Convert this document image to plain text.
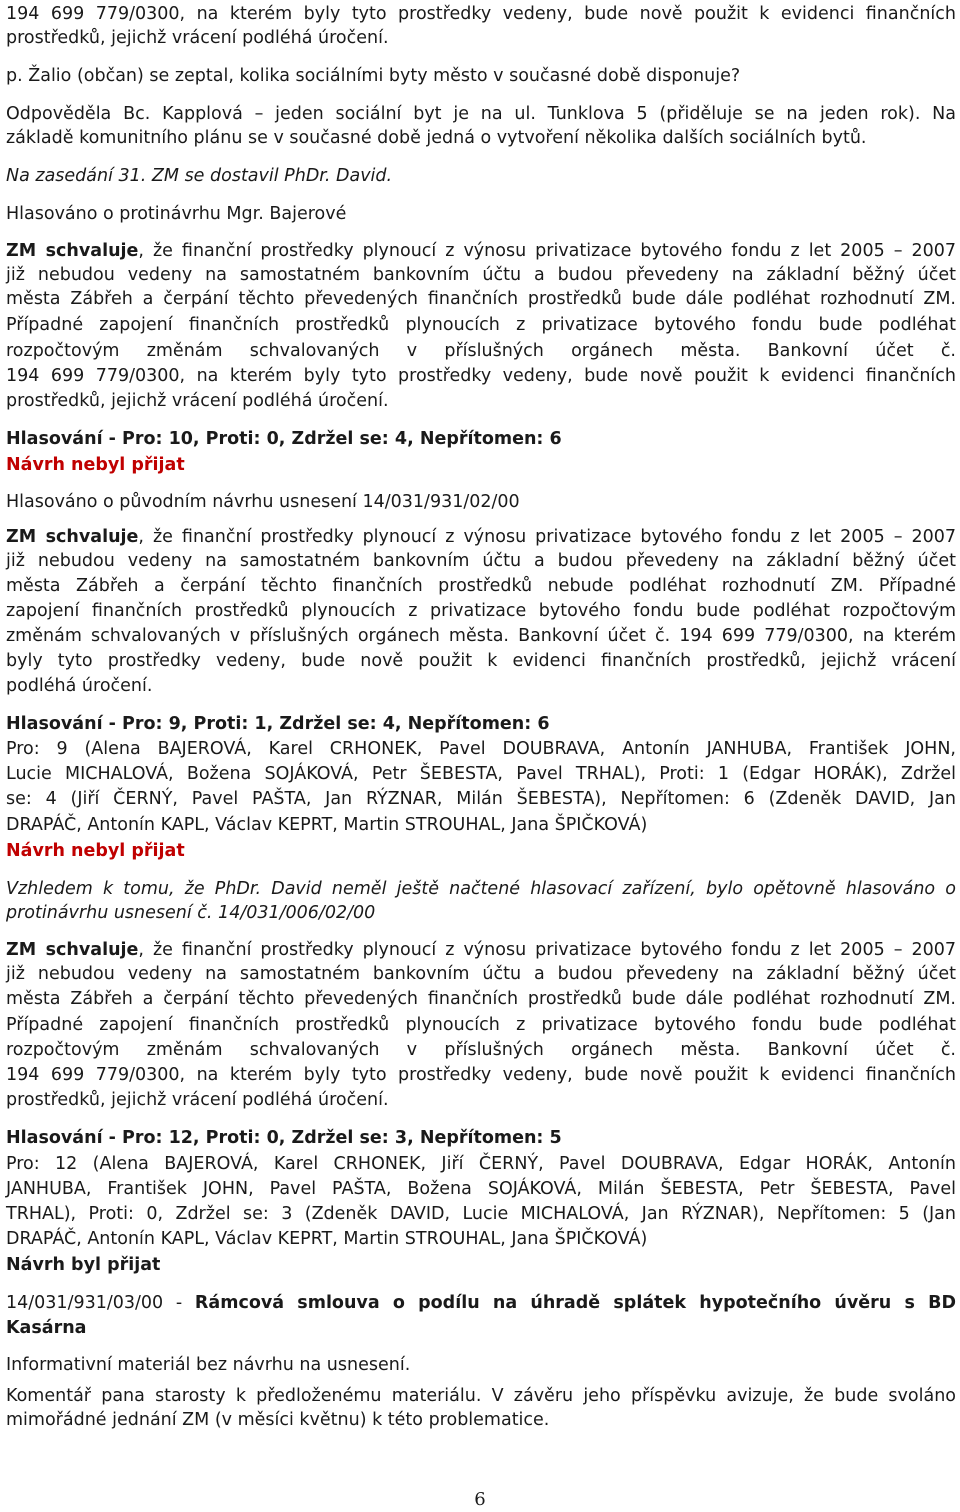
194 699 779/0300, na kterém byly tyto prostředky vedeny, bude nově použit k evidenci finančních
prostředků, jejichž vrácení podléhá úročení.
p. Žalio (občan) se zeptal, kolika sociálními byty město v současné době disponuje?
Odpověděla Bc. Kapplová – jeden sociální byt je na ul. Tunklova 5 (přiděluje se na jeden rok). Na
základě komunitního plánu se v současné době jedná o vytvoření několika dalších sociálních bytů.
Na zasedání 31. ZM se dostavil PhDr. David.
Hlasováno o protinávrhu Mgr. Bajerové
ZM schvaluje, že finanční prostředky plynoucí z výnosu privatizace bytového fondu z let 2005 – 2007
již nebudou vedeny na samostatném bankovním účtu a budou převedeny na základní běžný účet
města Zábřeh a čerpání těchto převedených finančních prostředků bude dále podléhat rozhodnutí ZM.
Případné zapojení finančních prostředků plynoucích z privatizace bytového fondu bude podléhat
rozpočtovým změnám schvalovaných v příslušných orgánech města. Bankovní účet č.
194 699 779/0300, na kterém byly tyto prostředky vedeny, bude nově použit k evidenci finančních
prostředků, jejichž vrácení podléhá úročení.
Hlasování - Pro: 10, Proti: 0, Zdržel se: 4, Nepřítomen: 6
Návrh nebyl přijat
Hlasováno o původním návrhu usnesení 14/031/931/02/00
ZM schvaluje, že finanční prostředky plynoucí z výnosu privatizace bytového fondu z let 2005 – 2007
již nebudou vedeny na samostatném bankovním účtu a budou převedeny na základní běžný účet
města Zábřeh a čerpání těchto finančních prostředků nebude podléhat rozhodnutí ZM. Případné
zapojení finančních prostředků plynoucích z privatizace bytového fondu bude podléhat rozpočtovým
změnám schvalovaných v příslušných orgánech města. Bankovní účet č. 194 699 779/0300, na kterém
byly tyto prostředky vedeny, bude nově použit k evidenci finančních prostředků, jejichž vrácení
podléhá úročení.
Hlasování - Pro: 9, Proti: 1, Zdržel se: 4, Nepřítomen: 6
Pro: 9 (Alena BAJEROVÁ, Karel CRHONEK, Pavel DOUBRAVA, Antonín JANHUBA, František JOHN,
Lucie MICHALOVÁ, Božena SOJÁKOVÁ, Petr ŠEBESTA, Pavel TRHAL), Proti: 1 (Edgar HORÁK), Zdržel
se: 4 (Jiří ČERNÝ, Pavel PAŠTA, Jan RÝZNAR, Milán ŠEBESTA), Nepřítomen: 6 (Zdeněk DAVID, Jan
DRAPÁČ, Antonín KAPL, Václav KEPRT, Martin STROUHAL, Jana ŠPIČKOVÁ)
Návrh nebyl přijat
Vzhledem k tomu, že PhDr. David neměl ještě načtené hlasovací zařízení, bylo opětovně hlasováno o
protinávrhu usnesení č. 14/031/006/02/00
ZM schvaluje, že finanční prostředky plynoucí z výnosu privatizace bytového fondu z let 2005 – 2007
již nebudou vedeny na samostatném bankovním účtu a budou převedeny na základní běžný účet
města Zábřeh a čerpání těchto převedených finančních prostředků bude dále podléhat rozhodnutí ZM.
Případné zapojení finančních prostředků plynoucích z privatizace bytového fondu bude podléhat
rozpočtovým změnám schvalovaných v příslušných orgánech města. Bankovní účet č.
194 699 779/0300, na kterém byly tyto prostředky vedeny, bude nově použit k evidenci finančních
prostředků, jejichž vrácení podléhá úročení.
Hlasování - Pro: 12, Proti: 0, Zdržel se: 3, Nepřítomen: 5
Pro: 12 (Alena BAJEROVÁ, Karel CRHONEK, Jiří ČERNÝ, Pavel DOUBRAVA, Edgar HORÁK, Antonín
JANHUBA, František JOHN, Pavel PAŠTA, Božena SOJÁKOVÁ, Milán ŠEBESTA, Petr ŠEBESTA, Pavel
TRHAL), Proti: 0, Zdržel se: 3 (Zdeněk DAVID, Lucie MICHALOVÁ, Jan RÝZNAR), Nepřítomen: 5 (Jan
DRAPÁČ, Antonín KAPL, Václav KEPRT, Martin STROUHAL, Jana ŠPIČKOVÁ)
Návrh byl přijat
14/031/931/03/00 - Rámcová smlouva o podílu na úhradě splátek hypotečního úvěru s BD
Kasárna
Informativní materiál bez návrhu na usnesení.
Komentář pana starosty k předloženému materiálu. V závěru jeho příspěvku avizuje, že bude svoláno
mimořádné jednání ZM (v měsíci květnu) k této problematice.
6
